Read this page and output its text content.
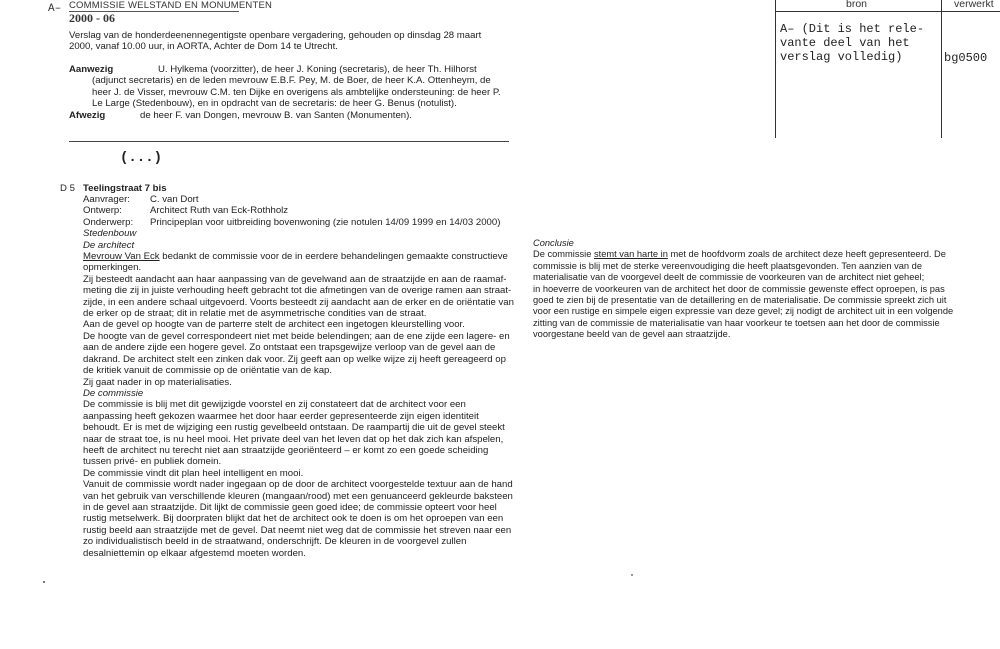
A– COMMISSIE WELSTAND EN MONUMENTEN
2000 - 06
Verslag van de honderdeenennegentigste openbare vergadering, gehouden op dinsdag 28 maart
2000, vanaf 10.00 uur, in AORTA, Achter de Dom 14 te Utrecht.
Aanwezig	U. Hylkema (voorzitter), de heer J. Koning (secretaris), de heer Th. Hilhorst
(adjunct secretaris) en de leden mevrouw E.B.F. Pey, M. de Boer, de heer K.A. Ottenheym, de
heer J. de Visser, mevrouw C.M. ten Dijke en overigens als ambtelijke ondersteuning: de heer P.
Le Large (Stedenbouw), en in opdracht van de secretaris: de heer G. Benus (notulist).
Afwezig	de heer F. van Dongen, mevrouw B. van Santen (Monumenten).
(...)
bron	verwerkt
A– (Dit is het rele-
vante deel van het
verslag volledig)	bg0500
D 5 Teelingstraat 7 bis
Aanvrager:	C. van Dort
Ontwerp:	Architect Ruth van Eck-Rothholz
Onderwerp:	Principeplan voor uitbreiding bovenwoning (zie notulen 14/09 1999 en 14/03 2000)
Stedenbouw
De architect
Mevrouw Van Eck bedankt de commissie voor de in eerdere behandelingen gemaakte constructieve
opmerkingen.
Zij besteedt aandacht aan haar aanpassing van de gevelwand aan de straatzijde en aan de raamaf-
meting die zij in juiste verhouding heeft gebracht tot die afmetingen van de overige ramen aan straat-
zijde, in een andere schaal uitgevoerd. Voorts besteedt zij aandacht aan de erker en de oriëntatie van
de erker op de straat; dit in relatie met de asymmetrische condities van de straat.
Aan de gevel op hoogte van de parterre stelt de architect een ingetogen kleurstelling voor.
De hoogte van de gevel correspondeert niet met beide belendingen; aan de ene zijde een lagere- en
aan de andere zijde een hogere gevel. Zo ontstaat een trapsgewijze verloop van de gevel aan de
dakrand. De architect stelt een zinken dak voor. Zij geeft aan op welke wijze zij heeft gereageerd op
de kritiek vanuit de commissie op de oriëntatie van de kap.
Zij gaat nader in op materialisaties.
De commissie
De commissie is blij met dit gewijzigde voorstel en zij constateert dat de architect voor een
aanpassing heeft gekozen waarmee het door haar eerder gepresenteerde zijn eigen identiteit
behoudt. Er is met de wijziging een rustig gevelbeeld ontstaan. De raampartij die uit de gevel steekt
naar de straat toe, is nu heel mooi. Het private deel van het leven dat op het dak zich kan afspelen,
heeft de architect nu terecht niet aan straatzijde georiënteerd – er komt zo een goede scheiding
tussen privé- en publiek domein.
De commissie vindt dit plan heel intelligent en mooi.
Vanuit de commissie wordt nader ingegaan op de door de architect voorgestelde textuur aan de hand
van het gebruik van verschillende kleuren (mangaan/rood) met een genuanceerd gekleurde baksteen
in de gevel aan straatzijde. Dit lijkt de commissie geen goed idee; de commissie opteert voor heel
rustig metselwerk. Bij doorpraten blijkt dat het de architect ook te doen is om het oproepen van een
rustig beeld aan straatzijde met de gevel. Dat neemt niet weg dat de commissie het streven naar een
zo individualistisch beeld in de straatwand, onderschrijft. De kleuren in de voorgevel zullen
desalniettemin op elkaar afgestemd moeten worden.
Conclusie
De commissie stemt van harte in met de hoofdvorm zoals de architect deze heeft gepresenteerd. De
commissie is blij met de sterke vereenvoudiging die heeft plaatsgevonden. Ten aanzien van de
materialisatie van de voorgevel deelt de commissie de voorkeuren van de architect niet geheel;
in hoeverre de voorkeuren van de architect het door de commissie gewenste effect oproepen, is pas
goed te zien bij de presentatie van de detaillering en de materialisatie. De commissie spreekt zich uit
voor een rustige en simpele eigen expressie van deze gevel; zij nodigt de architect uit in een volgende
zitting van de commissie de materialisatie van haar voorkeur te toetsen aan het door de commissie
voorgestane beeld van de gevel aan straatzijde.
